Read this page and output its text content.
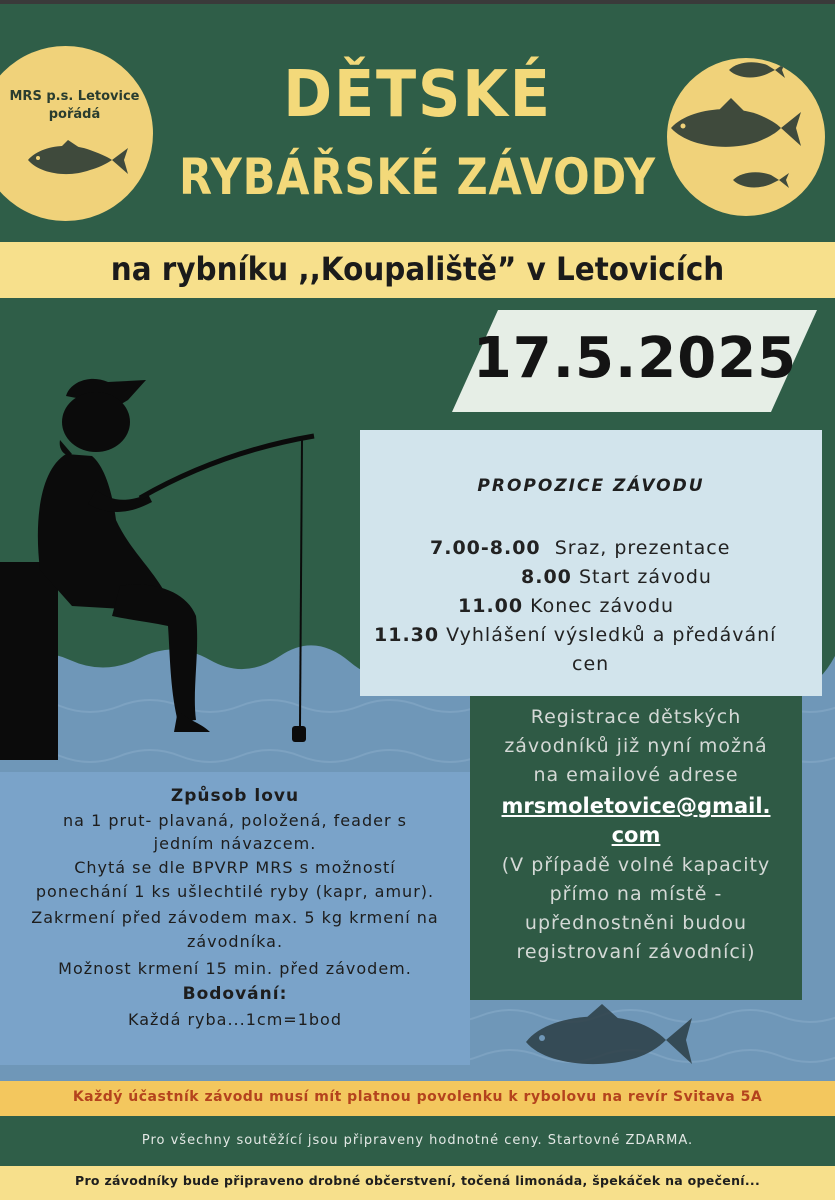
MRS p.s. Letovice pořádá	DĚTSKÉ
RYBÁŘSKÉ ZÁVODY
na rybníku ,,Koupaliště” v Letovicích
17.5.2025
PROPOZICE ZÁVODU
7.00-8.00 Sraz, prezentace
8.00 Start závodu
11.00 Konec závodu
11.30 Vyhlášení výsledků a předávání
cen
Registrace dětských
závodníků již nyní možná
na emailové adrese
mrsmoletovice@gmail.
com
(V případě volné kapacity
přímo na místě -
upřednostněni budou
registrovaní závodníci)
Způsob lovu
na 1 prut- plavaná, položená, feader s
jedním návazcem.
Chytá se dle BPVRP MRS s možností
ponechání 1 ks ušlechtilé ryby (kapr, amur).
Zakrmení před závodem max. 5 kg krmení na
závodníka.
Možnost krmení 15 min. před závodem.
Bodování:
Každá ryba...1cm=1bod
Každý účastník závodu musí mít platnou povolenku k rybolovu na revír Svitava 5A
Pro všechny soutěžící jsou připraveny hodnotné ceny. Startovné ZDARMA.
Pro závodníky bude připraveno drobné občerstvení, točená limonáda, špekáček na opečení...
